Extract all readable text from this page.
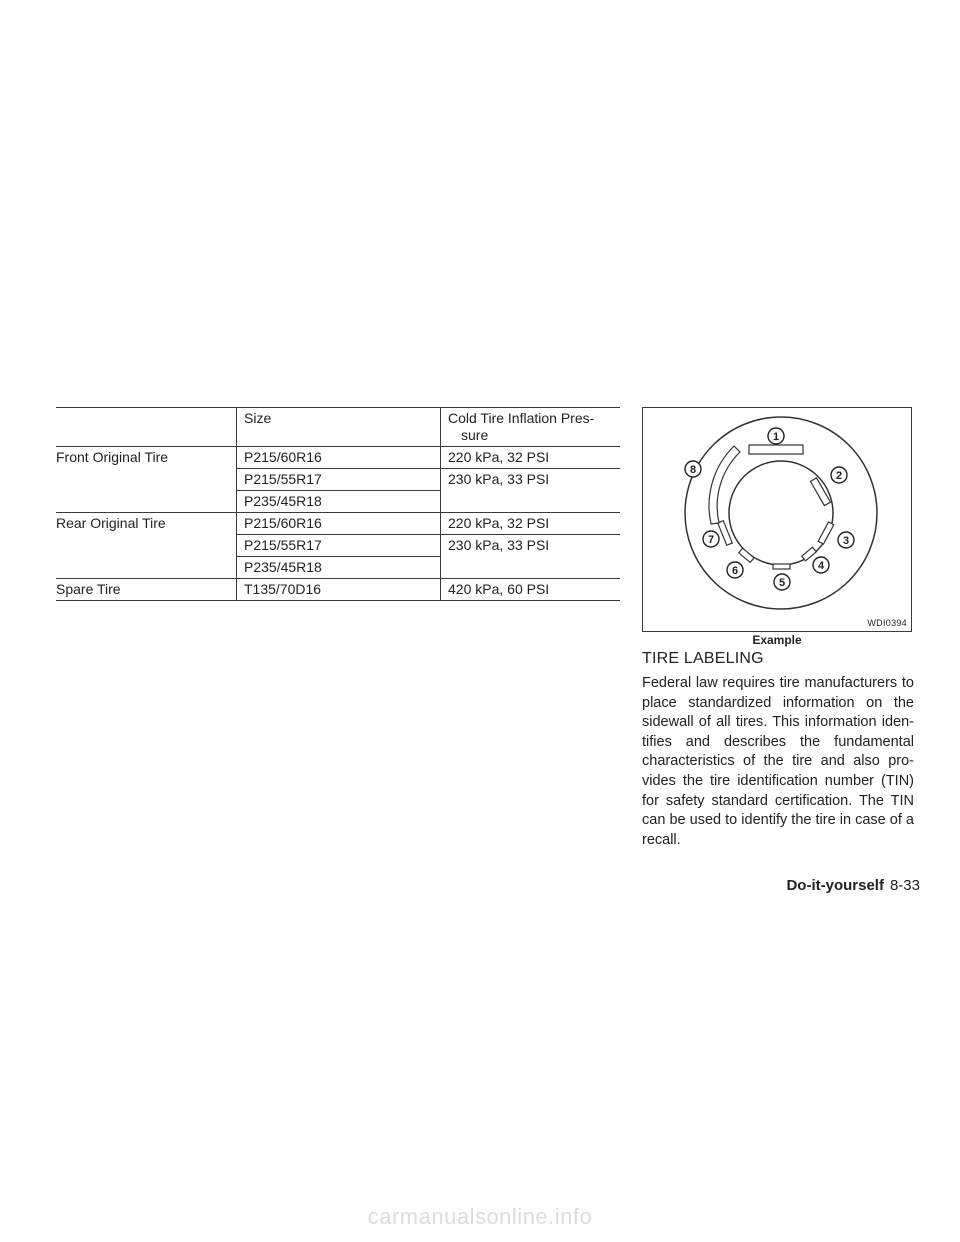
	Size	Cold Tire Inflation Pres-
sure

Front Original Tire	P215/60R16	220 kPa, 32 PSI
	P215/55R17	230 kPa, 33 PSI
	P235/45R18	
Rear Original Tire	P215/60R16	220 kPa, 32 PSI
	P215/55R17	230 kPa, 33 PSI
	P235/45R18	
Spare Tire	T135/70D16	420 kPa, 60 PSI
1
2
3
4
5
6
7
8
WDI0394
Example
TIRE LABELING

Federal law requires tire manufacturers to place standardized information on the sidewall of all tires. This information iden-tifies and describes the fundamental characteristics of the tire and also pro-vides the tire identification number (TIN) for safety standard certification. The TIN can be used to identify the tire in case of a recall.

Do-it-yourself 8-33
carmanualsonline.info
